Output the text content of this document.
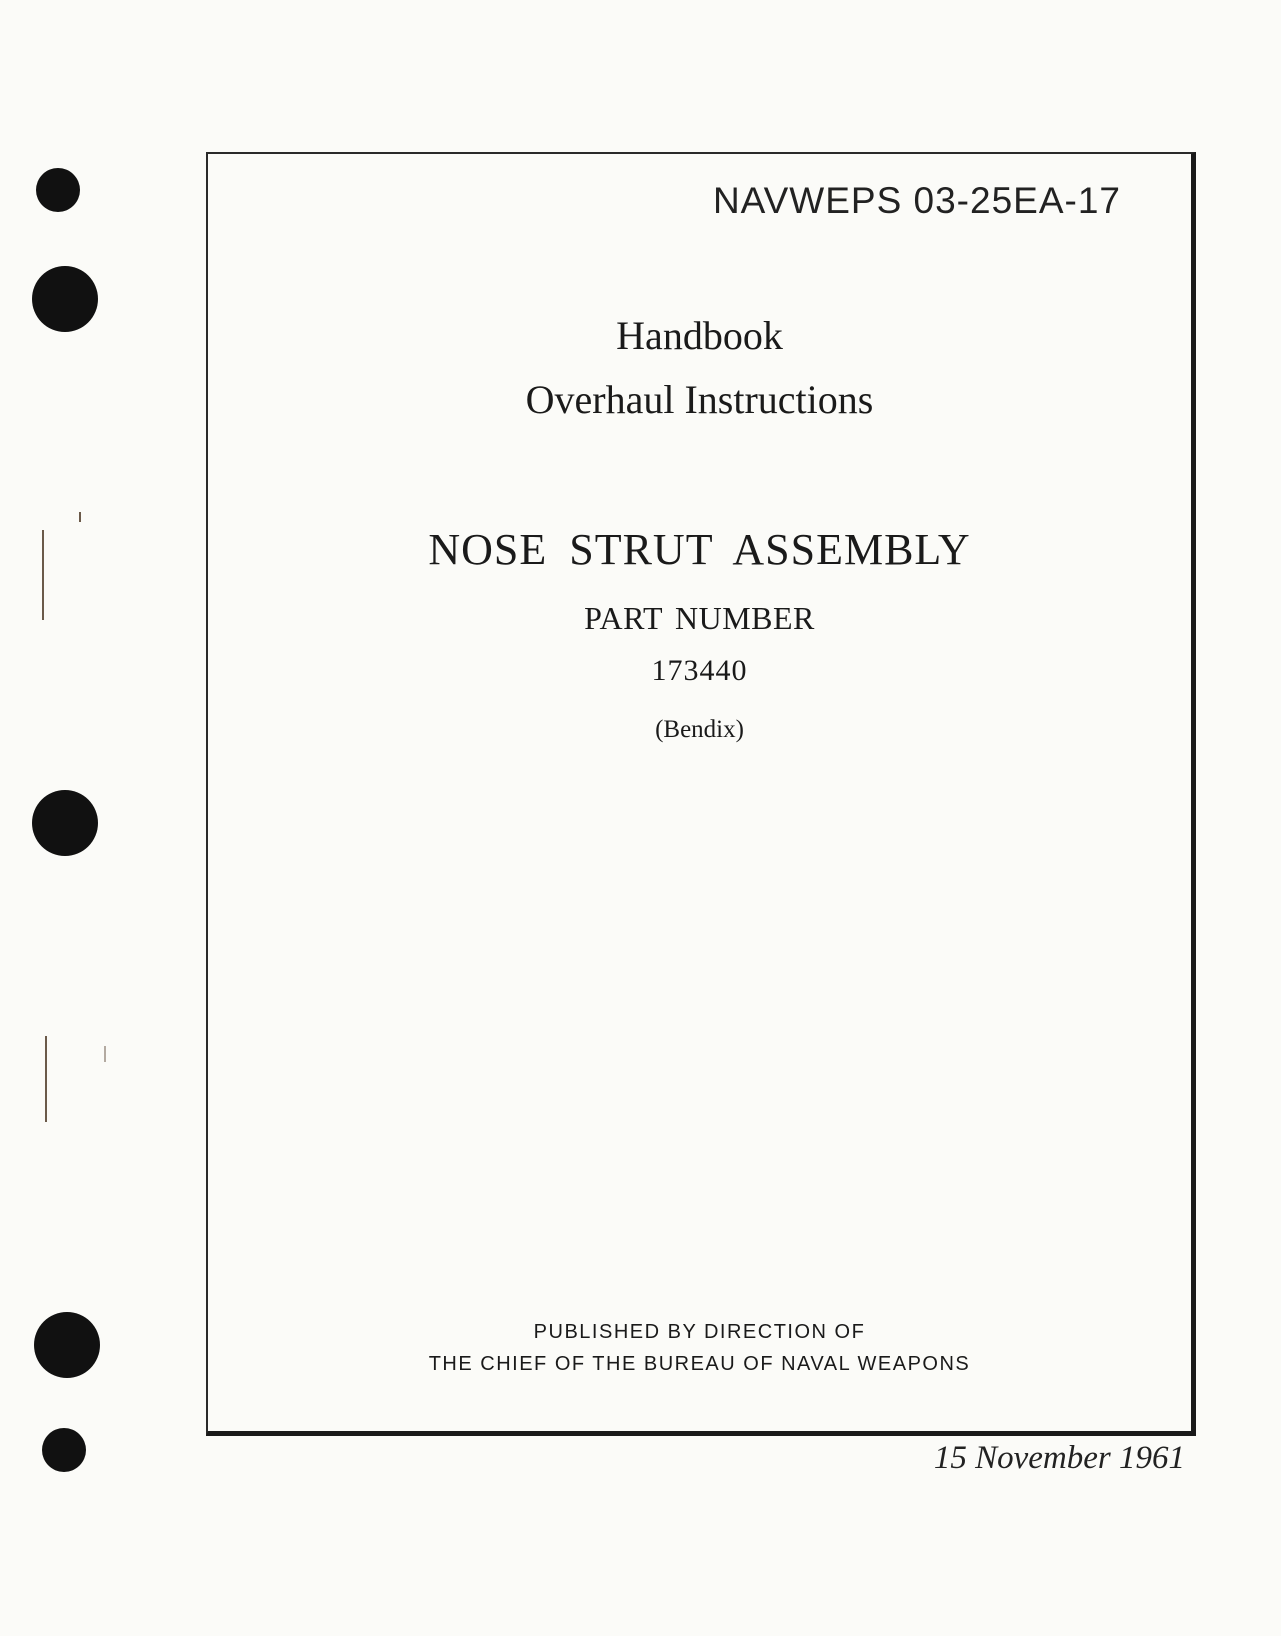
NAVWEPS 03-25EA-17
Handbook
Overhaul Instructions
NOSE STRUT ASSEMBLY
PART NUMBER
173440
(Bendix)
PUBLISHED BY DIRECTION OF
THE CHIEF OF THE BUREAU OF NAVAL WEAPONS
15 November 1961
